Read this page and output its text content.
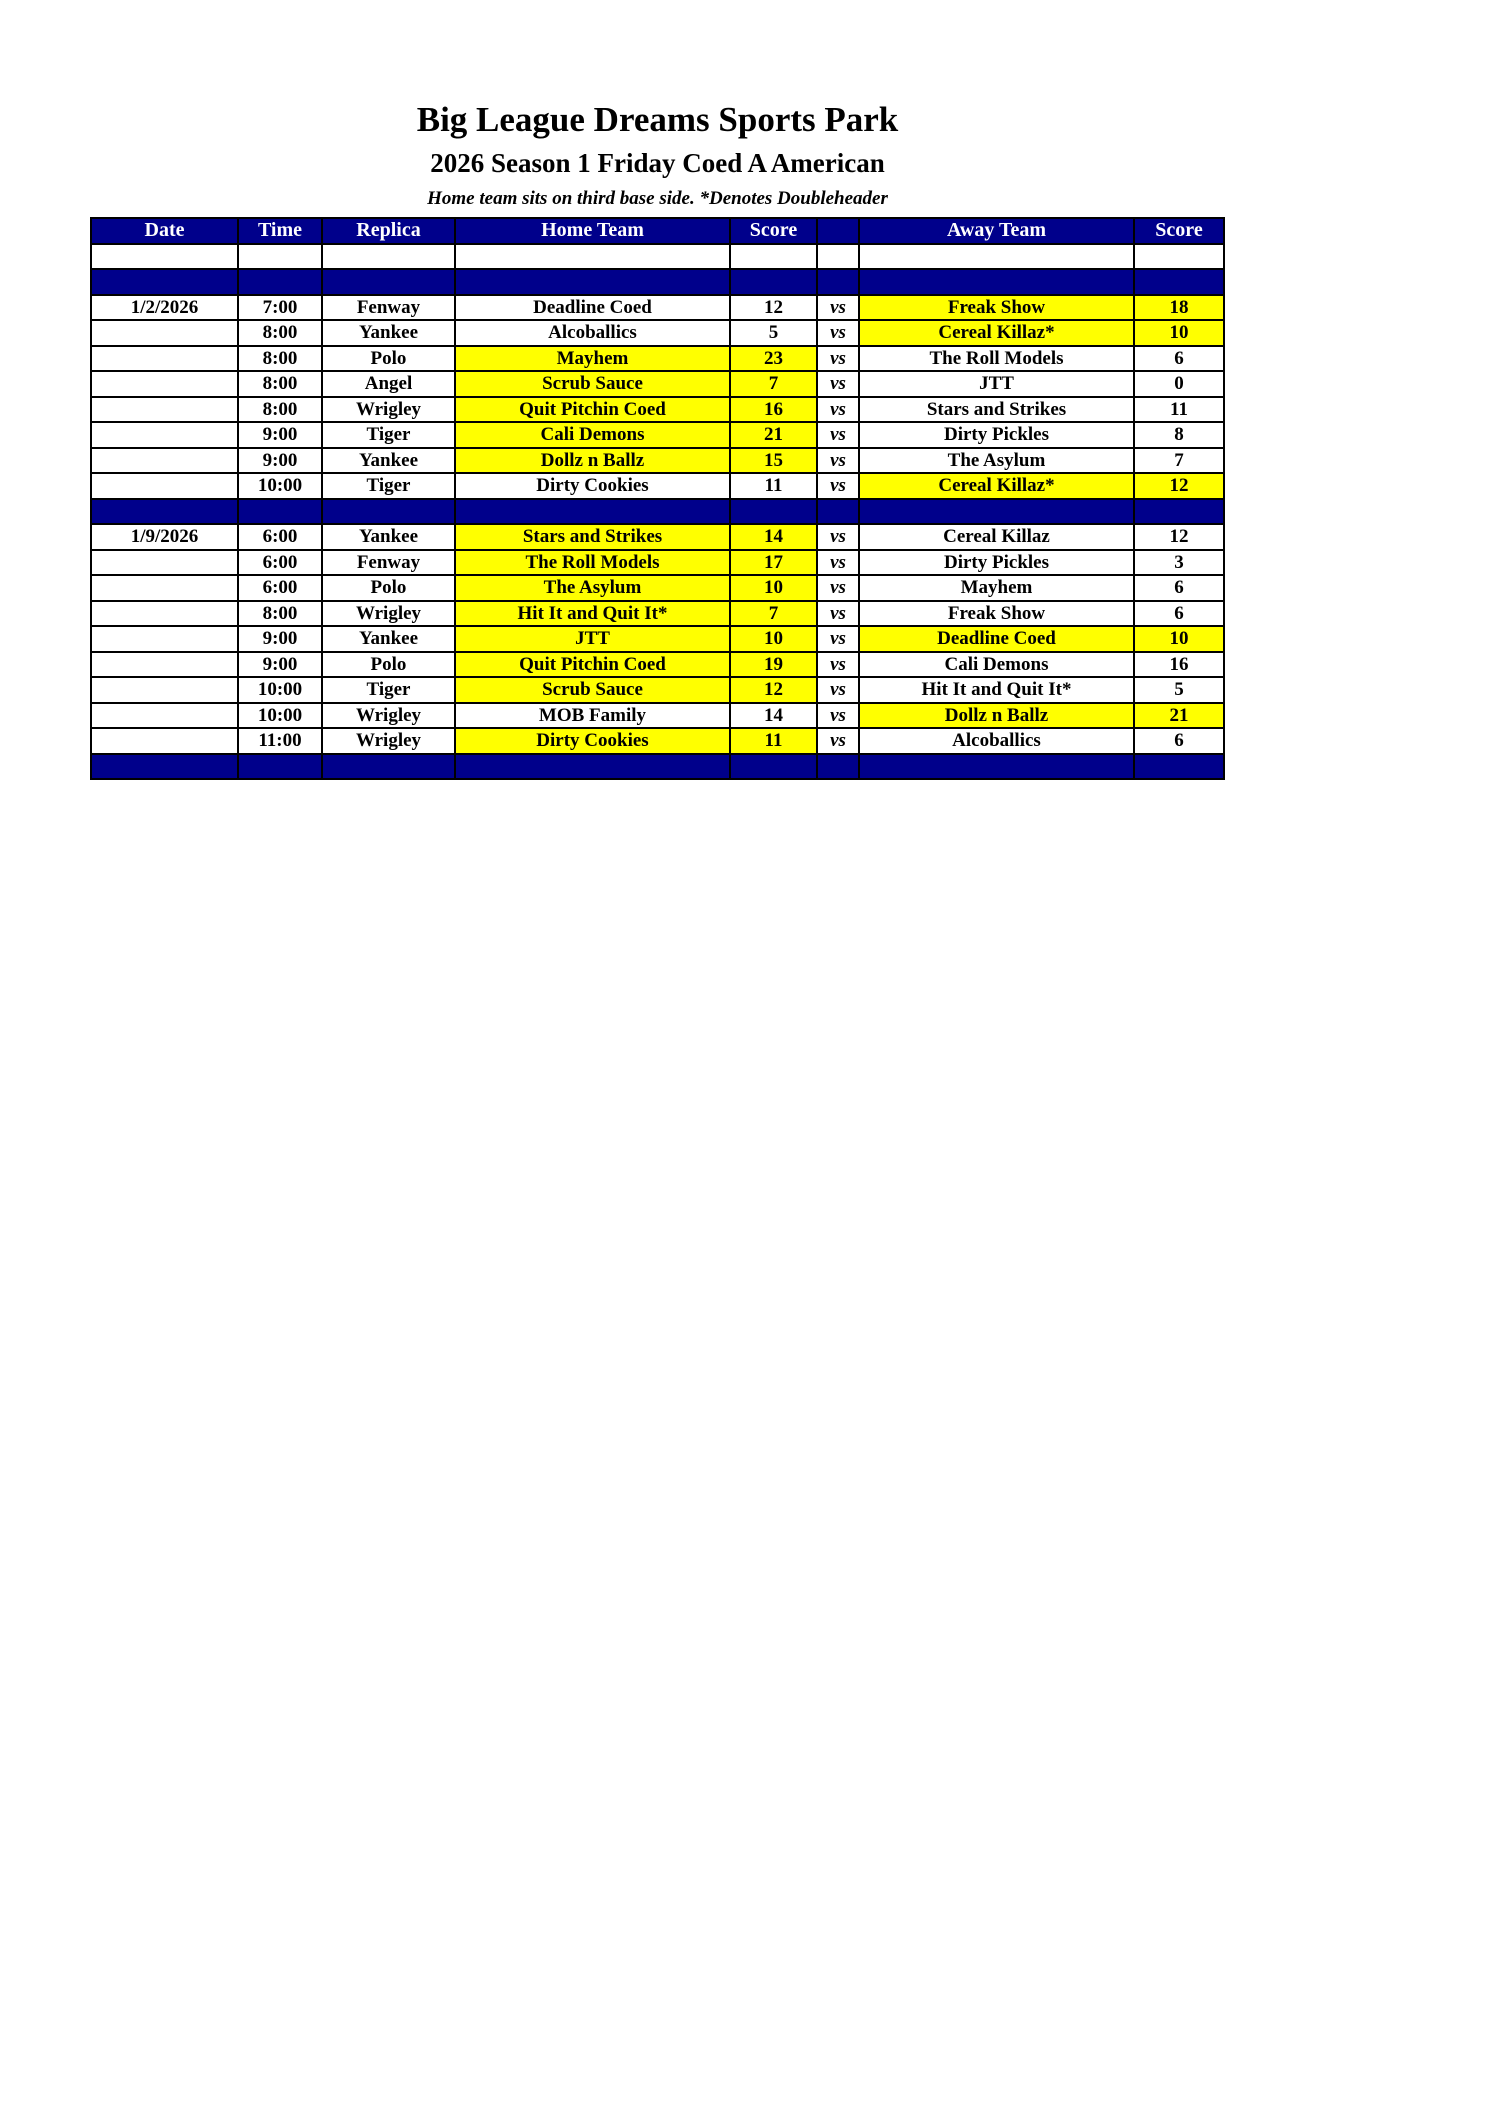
Big League Dreams Sports Park
2026 Season 1 Friday Coed A American
Home team sits on third base side. *Denotes Doubleheader
Date	Time	Replica	Home Team	Score		Away Team	Score

1/2/2026	7:00	Fenway	Deadline Coed	12	vs	Freak Show	18
	8:00	Yankee	Alcoballics	5	vs	Cereal Killaz*	10
	8:00	Polo	Mayhem	23	vs	The Roll Models	6
	8:00	Angel	Scrub Sauce	7	vs	JTT	0
	8:00	Wrigley	Quit Pitchin Coed	16	vs	Stars and Strikes	11
	9:00	Tiger	Cali Demons	21	vs	Dirty Pickles	8
	9:00	Yankee	Dollz n Ballz	15	vs	The Asylum	7
	10:00	Tiger	Dirty Cookies	11	vs	Cereal Killaz*	12

1/9/2026	6:00	Yankee	Stars and Strikes	14	vs	Cereal Killaz	12
	6:00	Fenway	The Roll Models	17	vs	Dirty Pickles	3
	6:00	Polo	The Asylum	10	vs	Mayhem	6
	8:00	Wrigley	Hit It and Quit It*	7	vs	Freak Show	6
	9:00	Yankee	JTT	10	vs	Deadline Coed	10
	9:00	Polo	Quit Pitchin Coed	19	vs	Cali Demons	16
	10:00	Tiger	Scrub Sauce	12	vs	Hit It and Quit It*	5
	10:00	Wrigley	MOB Family	14	vs	Dollz n Ballz	21
	11:00	Wrigley	Dirty Cookies	11	vs	Alcoballics	6
